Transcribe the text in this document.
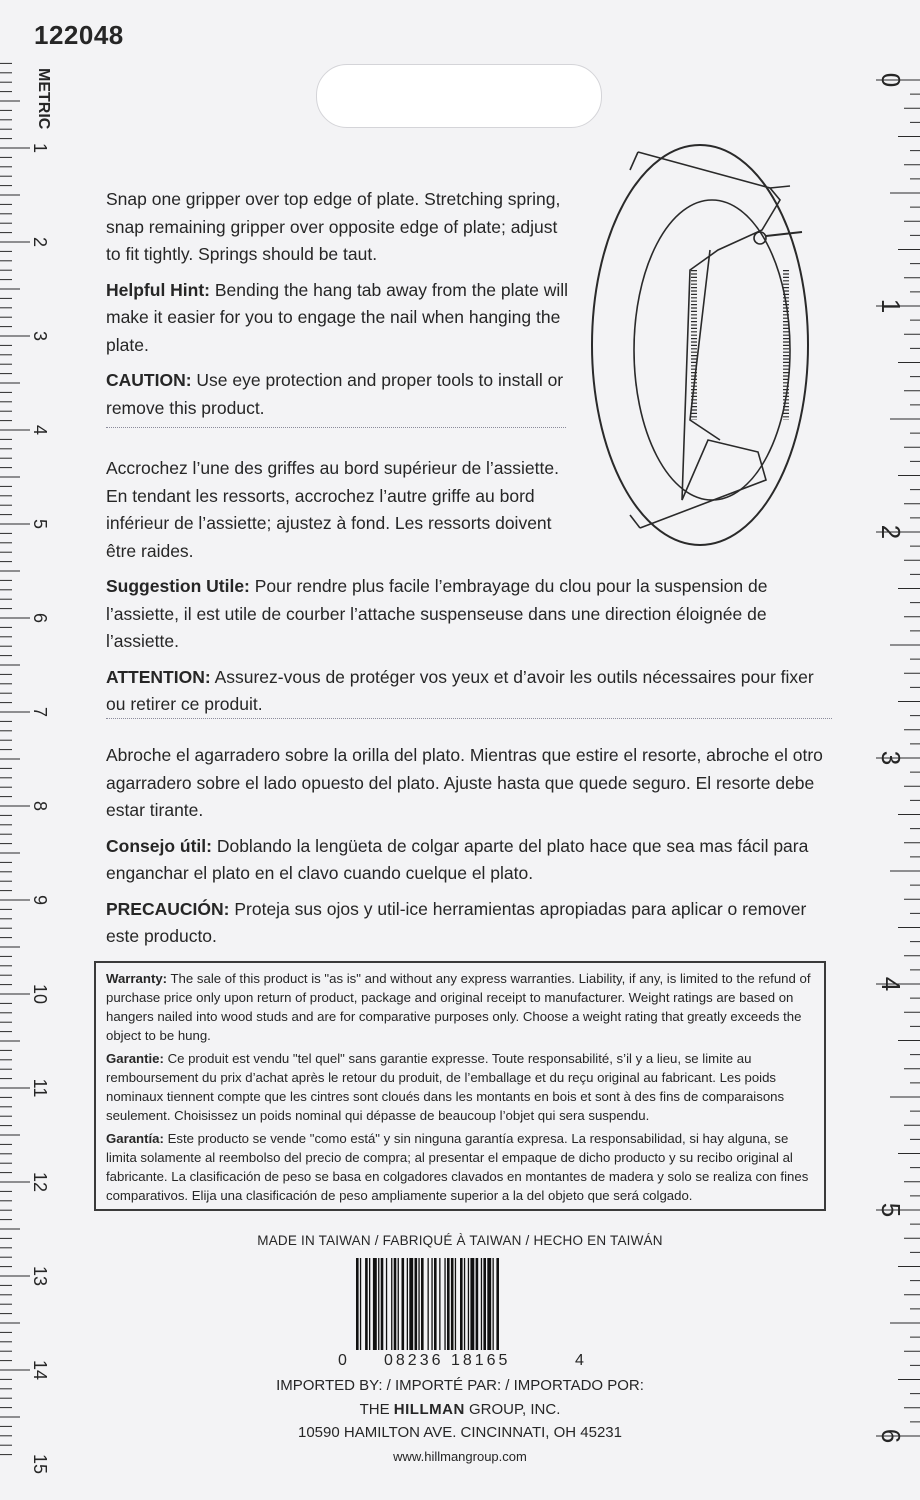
122048
1
2
3
4
5
6
7
8
9
10
11
12
13
14
15
METRIC	0
1
2
3
4
5
6

Snap one gripper over top edge of plate. Stretching spring, snap remaining gripper over opposite edge of plate; adjust to fit tightly. Springs should be taut.

Helpful Hint: Bending the hang tab away from the plate will make it easier for you to engage the nail when hanging the plate.

CAUTION: Use eye protection and proper tools to install or remove this product.

Accrochez l’une des griffes au bord supérieur de l’assiette. En tendant les ressorts, accrochez l’autre griffe au bord inférieur de l’assiette; ajustez à fond. Les ressorts doivent être raides.

Suggestion Utile: Pour rendre plus facile l’embrayage du clou pour la suspension de l’assiette, il est utile de courber l’attache suspenseuse dans une direction éloignée de l’assiette.

ATTENTION: Assurez-vous de protéger vos yeux et d’avoir les outils nécessaires pour fixer ou retirer ce produit.

Abroche el agarradero sobre la orilla del plato. Mientras que estire el resorte, abroche el otro agarradero sobre el lado opuesto del plato. Ajuste hasta que quede seguro. El resorte debe estar tirante.

Consejo útil: Doblando la lengüeta de colgar aparte del plato hace que sea mas fácil para enganchar el plato en el clavo cuando cuelque el plato.

PRECAUCIÓN: Proteja sus ojos y util-ice herramientas apropiadas para aplicar o remover este producto.

Warranty: The sale of this product is "as is" and without any express warranties. Liability, if any, is limited to the refund of purchase price only upon return of product, package and original receipt to manufacturer. Weight ratings are based on hangers nailed into wood studs and are for comparative purposes only. Choose a weight rating that greatly exceeds the object to be hung.

Garantie: Ce produit est vendu "tel quel" sans garantie expresse. Toute responsabilité, s’il y a lieu, se limite au remboursement du prix d’achat après le retour du produit, de l’emballage et du reçu original au fabricant. Les poids nominaux tiennent compte que les cintres sont cloués dans les montants en bois et sont à des fins de comparaisons seulement. Choisissez un poids nominal qui dépasse de beaucoup l’objet qui sera suspendu.

Garantía: Este producto se vende "como está" y sin ninguna garantía expresa. La responsabilidad, si hay alguna, se limita solamente al reembolso del precio de compra; al presentar el empaque de dicho producto y su recibo original al fabricante. La clasificación de peso se basa en colgadores clavados en montantes de madera y solo se realiza con fines comparativos. Elija una clasificación de peso ampliamente superior a la del objeto que será colgado.

MADE IN TAIWAN / FABRIQUÉ À TAIWAN / HECHO EN TAIWÁN
0 08236 18165	4
IMPORTED BY: / IMPORTÉ PAR: / IMPORTADO POR:
THE HILLMAN GROUP, INC.
10590 HAMILTON AVE. CINCINNATI, OH 45231
www.hillmangroup.com
